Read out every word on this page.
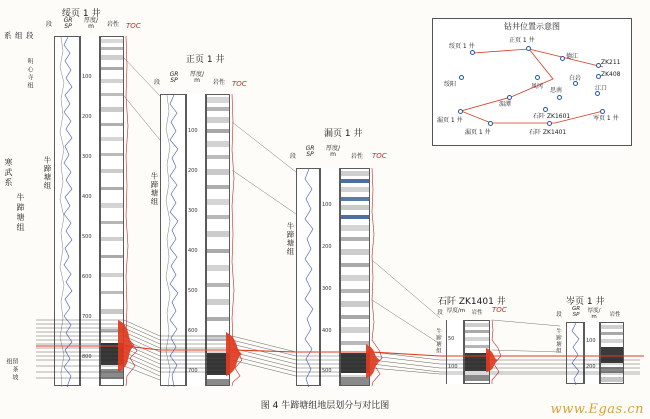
系 组 段
寒武系
牛蹄塘组
留茶坡组
明心寺组
绥页 1 井
段
GR
SP
厚度/
m	岩性	TOC
100
200
300
400
500
600
700
800
牛蹄塘组
正页 1 井
段
GR
SP
厚度/
m	岩性	TOC
100
200
300
400
500
600
700
牛蹄塘组
漏页 1 井
段
GR
SP
厚度/
m	岩性	TOC
100
200
300
400
500
牛蹄塘组
石阡 ZK1401 井
段 厚度/m	岩性	TOC
50
100
牛蹄塘组
岑页 1 井
段
GR
SP
厚度/
m	岩性
100
200
牛蹄塘组
钻井位置示意图
绥页 1 井
正页 1 井
德江
绥阳	凤冈
ZK211
ZK408
白岩
思南
湄潭
漏页 1 井
石阡 ZK1601	岑页 1 井
漏页 1 井	石阡 ZK1401
江口
图 4 牛蹄塘组地层划分与对比图	www.Egas.cn
